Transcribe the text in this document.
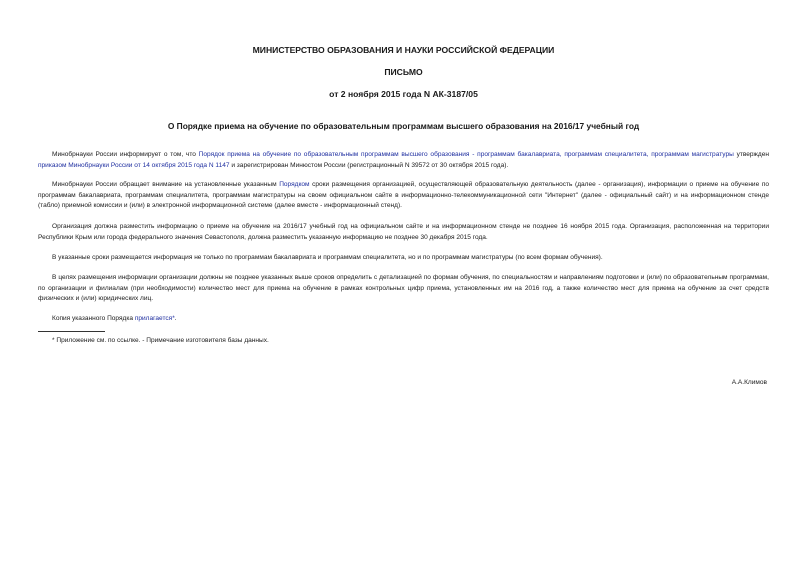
МИНИСТЕРСТВО ОБРАЗОВАНИЯ И НАУКИ РОССИЙСКОЙ ФЕДЕРАЦИИ
ПИСЬМО
от 2 ноября 2015 года N АК-3187/05
О Порядке приема на обучение по образовательным программам высшего образования на 2016/17 учебный год
Минобрнауки России информирует о том, что Порядок приема на обучение по образовательным программам высшего образования - программам бакалавриата, программам специалитета, программам магистратуры утвержден приказом Минобрнауки России от 14 октября 2015 года N 1147 и зарегистрирован Минюстом России (регистрационный N 39572 от 30 октября 2015 года).
Минобрнауки России обращает внимание на установленные указанным Порядком сроки размещения организацией, осуществляющей образовательную деятельность (далее - организация), информации о приеме на обучение по программам бакалавриата, программам специалитета, программам магистратуры на своем официальном сайте в информационно-телекоммуникационной сети "Интернет" (далее - официальный сайт) и на информационном стенде (табло) приемной комиссии и (или) в электронной информационной системе (далее вместе - информационный стенд).
Организация должна разместить информацию о приеме на обучение на 2016/17 учебный год на официальном сайте и на информационном стенде не позднее 16 ноября 2015 года. Организация, расположенная на территории Республики Крым или города федерального значения Севастополя, должна разместить указанную информацию не позднее 30 декабря 2015 года.
В указанные сроки размещается информация не только по программам бакалавриата и программам специалитета, но и по программам магистратуры (по всем формам обучения).
В целях размещения информации организации должны не позднее указанных выше сроков определить с детализацией по формам обучения, по специальностям и направлениям подготовки и (или) по образовательным программам, по организации и филиалам (при необходимости) количество мест для приема на обучение в рамках контрольных цифр приема, установленных им на 2016 год, а также количество мест для приема на обучение за счет средств физических и (или) юридических лиц.
Копия указанного Порядка прилагается*.
* Приложение см. по ссылке. - Примечание изготовителя базы данных.
А.А.Климов
